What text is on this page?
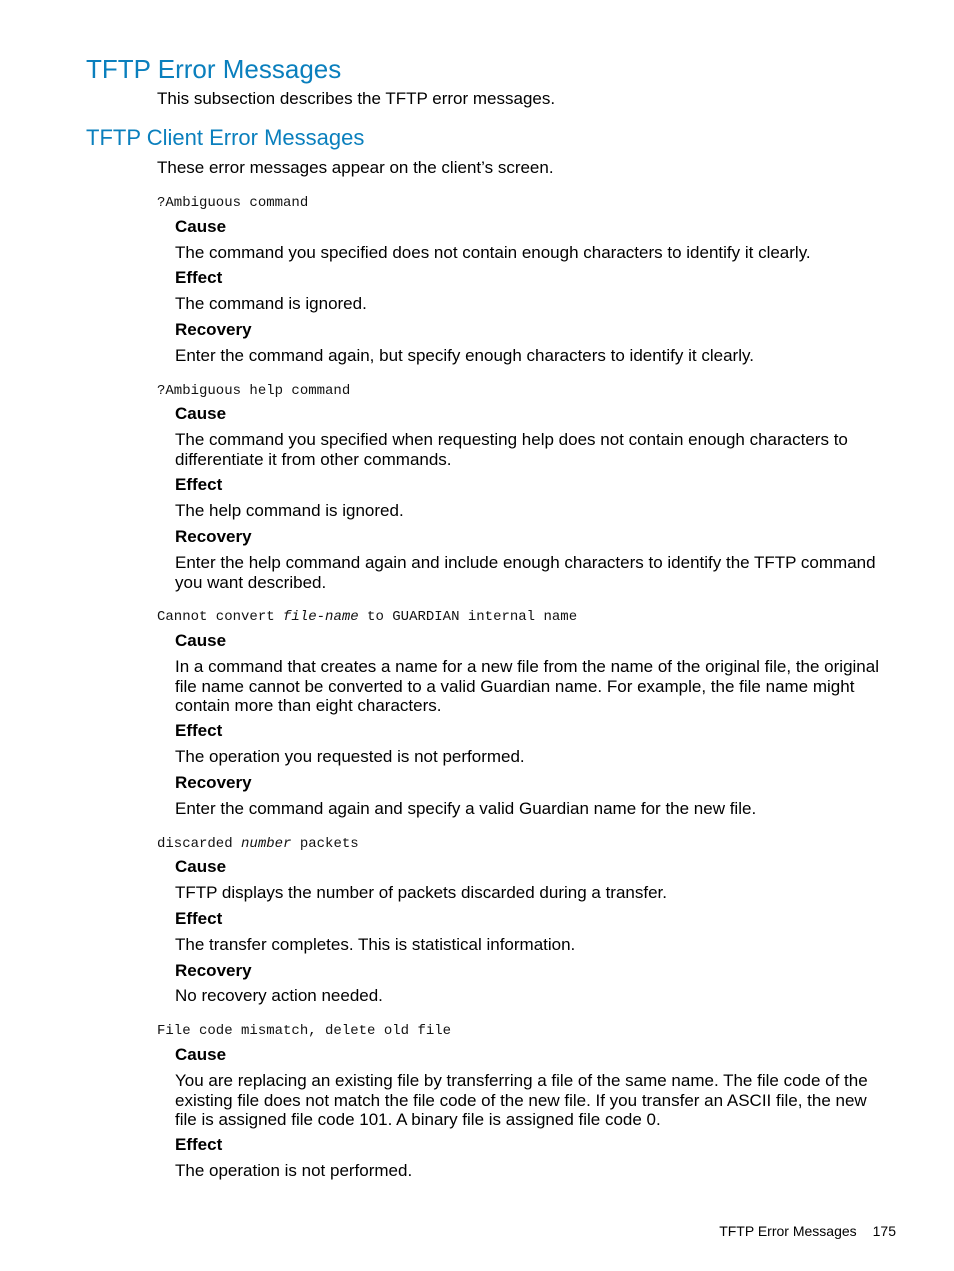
TFTP Error Messages

This subsection describes the TFTP error messages.

TFTP Client Error Messages

These error messages appear on the client’s screen.

?Ambiguous command

Cause

The command you specified does not contain enough characters to identify it clearly.

Effect

The command is ignored.

Recovery

Enter the command again, but specify enough characters to identify it clearly.

?Ambiguous help command

Cause

The command you specified when requesting help does not contain enough characters to
differentiate it from other commands.

Effect

The help command is ignored.

Recovery

Enter the help command again and include enough characters to identify the TFTP command
you want described.

Cannot convert file-name to GUARDIAN internal name

Cause

In a command that creates a name for a new file from the name of the original file, the original
file name cannot be converted to a valid Guardian name. For example, the file name might
contain more than eight characters.

Effect

The operation you requested is not performed.

Recovery

Enter the command again and specify a valid Guardian name for the new file.

discarded number packets

Cause

TFTP displays the number of packets discarded during a transfer.

Effect

The transfer completes. This is statistical information.

Recovery

No recovery action needed.

File code mismatch, delete old file

Cause

You are replacing an existing file by transferring a file of the same name. The file code of the
existing file does not match the file code of the new file. If you transfer an ASCII file, the new
file is assigned file code 101. A binary file is assigned file code 0.

Effect

The operation is not performed.

TFTP Error Messages 175
